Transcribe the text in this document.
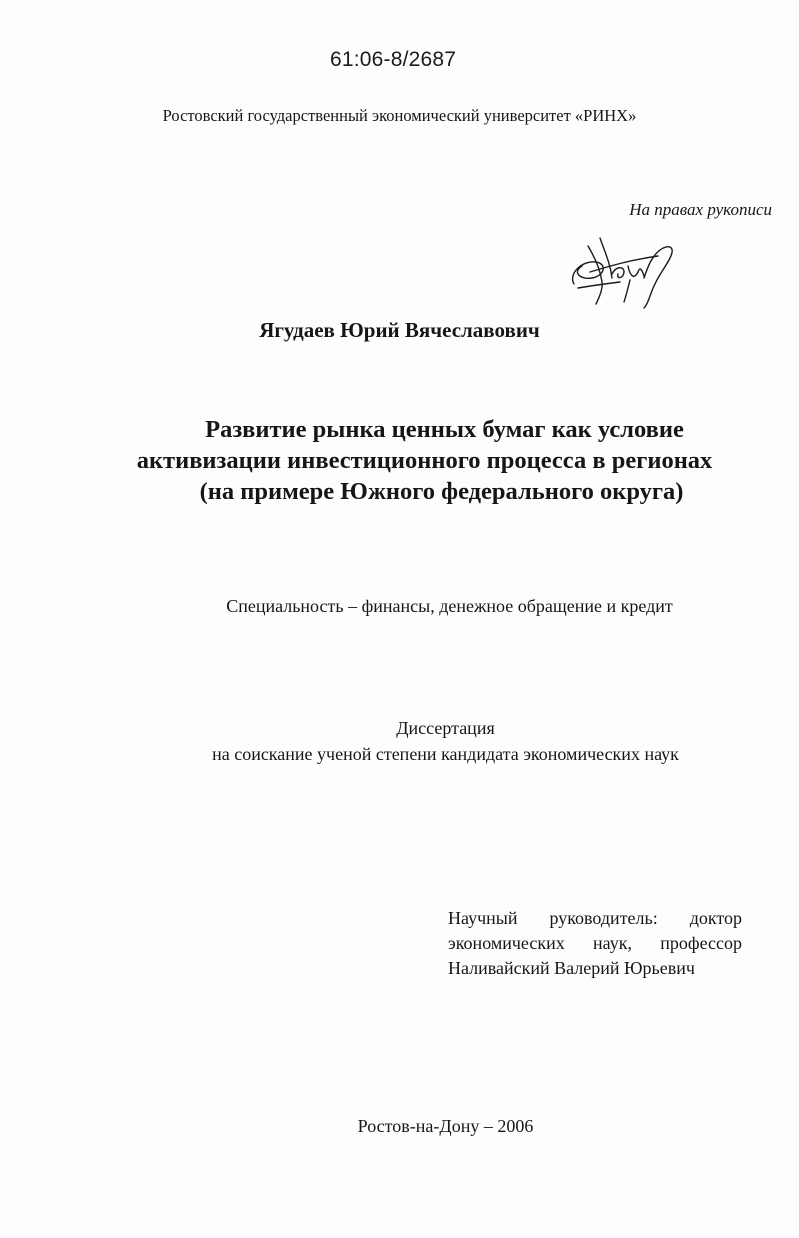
61:06-8/2687
Ростовский государственный экономический университет «РИНХ»
На правах рукописи
Ягудаев Юрий Вячеславович
Развитие рынка ценных бумаг как условие
активизации инвестиционного процесса в регионах
(на примере Южного федерального округа)
Специальность – финансы, денежное обращение и кредит
Диссертация
на соискание ученой степени кандидата экономических наук
Научный руководитель: доктор
экономических наук, профессор
Наливайский Валерий Юрьевич
Ростов-на-Дону – 2006
